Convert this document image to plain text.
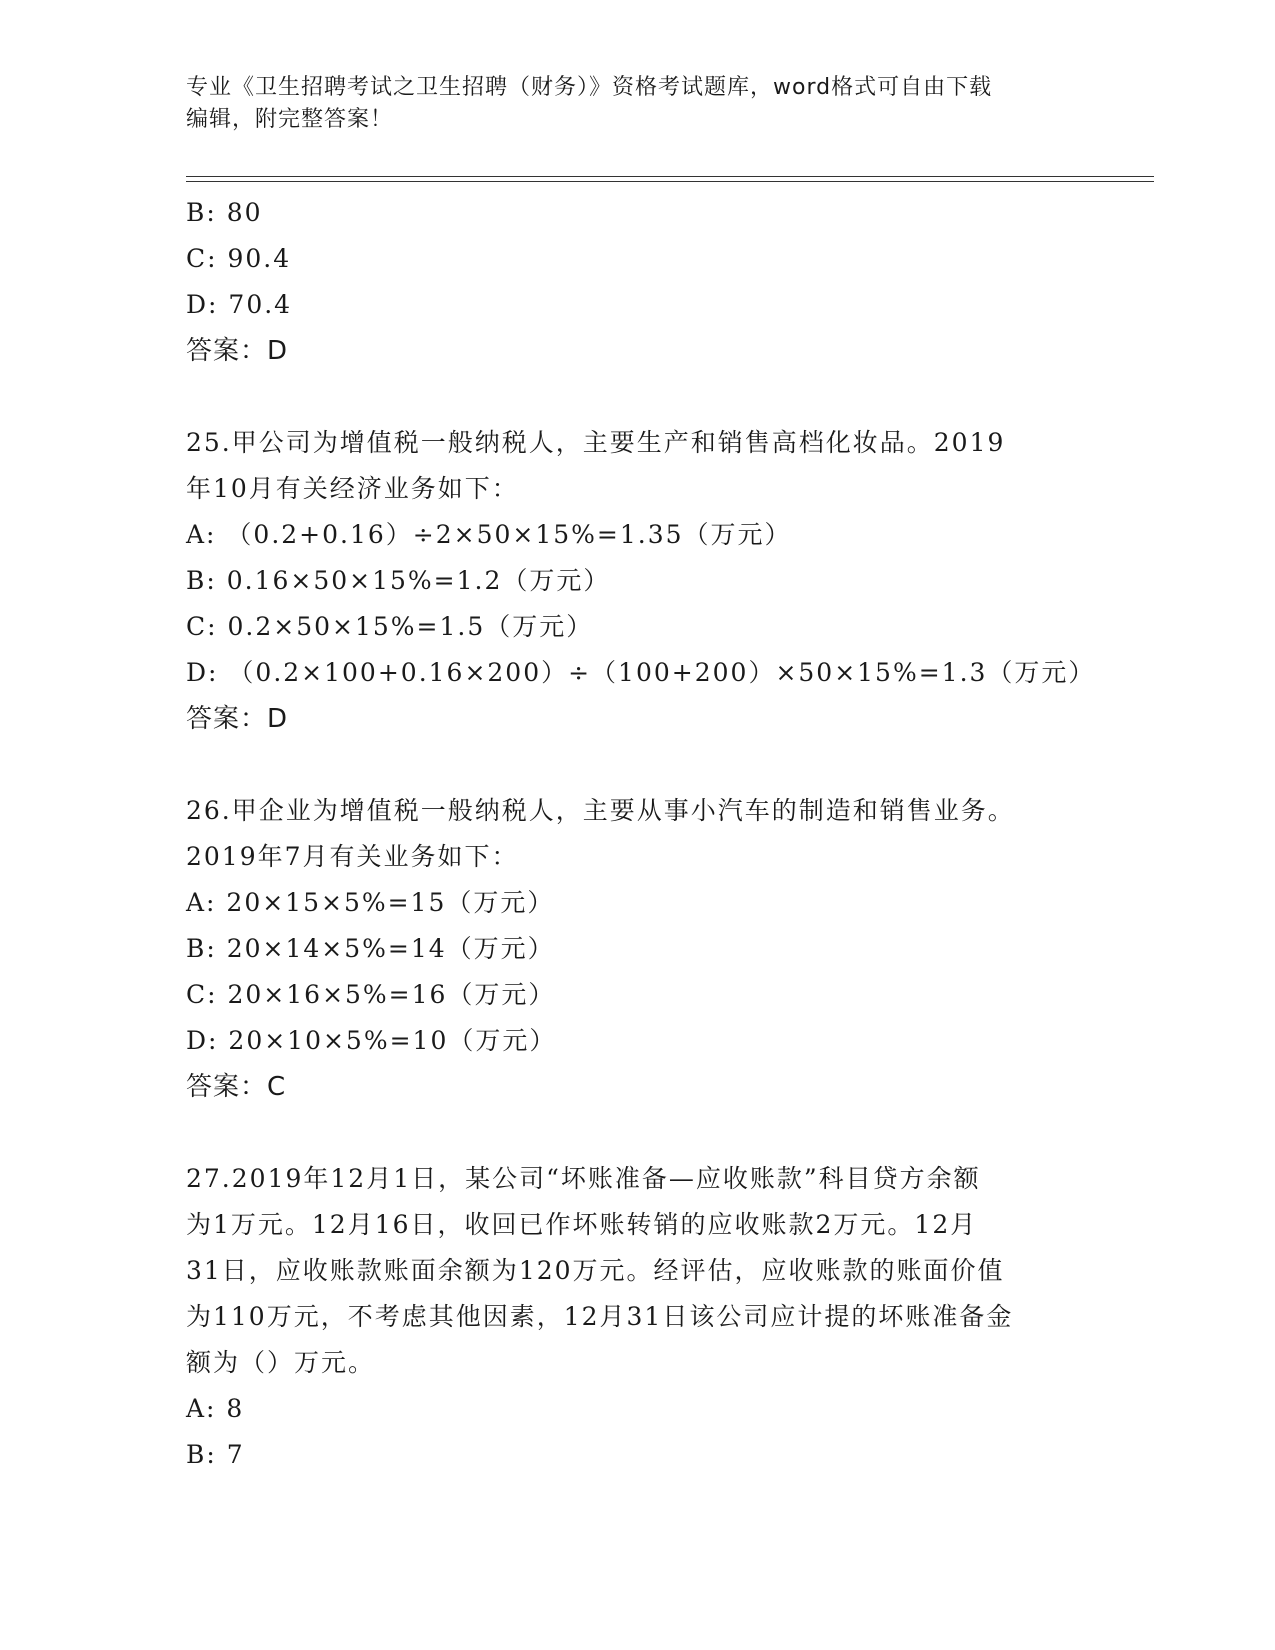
专业《卫生招聘考试之卫生招聘（财务）》资格考试题库，word格式可自由下载
编辑，附完整答案！
B: 80
C: 90.4
D: 70.4
答案：D
25.甲公司为增值税一般纳税人，主要生产和销售高档化妆品。2019
年10月有关经济业务如下：
A: （0.2+0.16）÷2×50×15%=1.35（万元）
B: 0.16×50×15%=1.2（万元）
C: 0.2×50×15%=1.5（万元）
D: （0.2×100+0.16×200）÷（100+200）×50×15%=1.3（万元）
答案：D
26.甲企业为增值税一般纳税人，主要从事小汽车的制造和销售业务。
2019年7月有关业务如下：
A: 20×15×5%=15（万元）
B: 20×14×5%=14（万元）
C: 20×16×5%=16（万元）
D: 20×10×5%=10（万元）
答案：C
27.2019年12月1日，某公司“坏账准备—应收账款”科目贷方余额
为1万元。12月16日，收回已作坏账转销的应收账款2万元。12月
31日，应收账款账面余额为120万元。经评估，应收账款的账面价值
为110万元，不考虑其他因素，12月31日该公司应计提的坏账准备金
额为（）万元。
A: 8
B: 7
